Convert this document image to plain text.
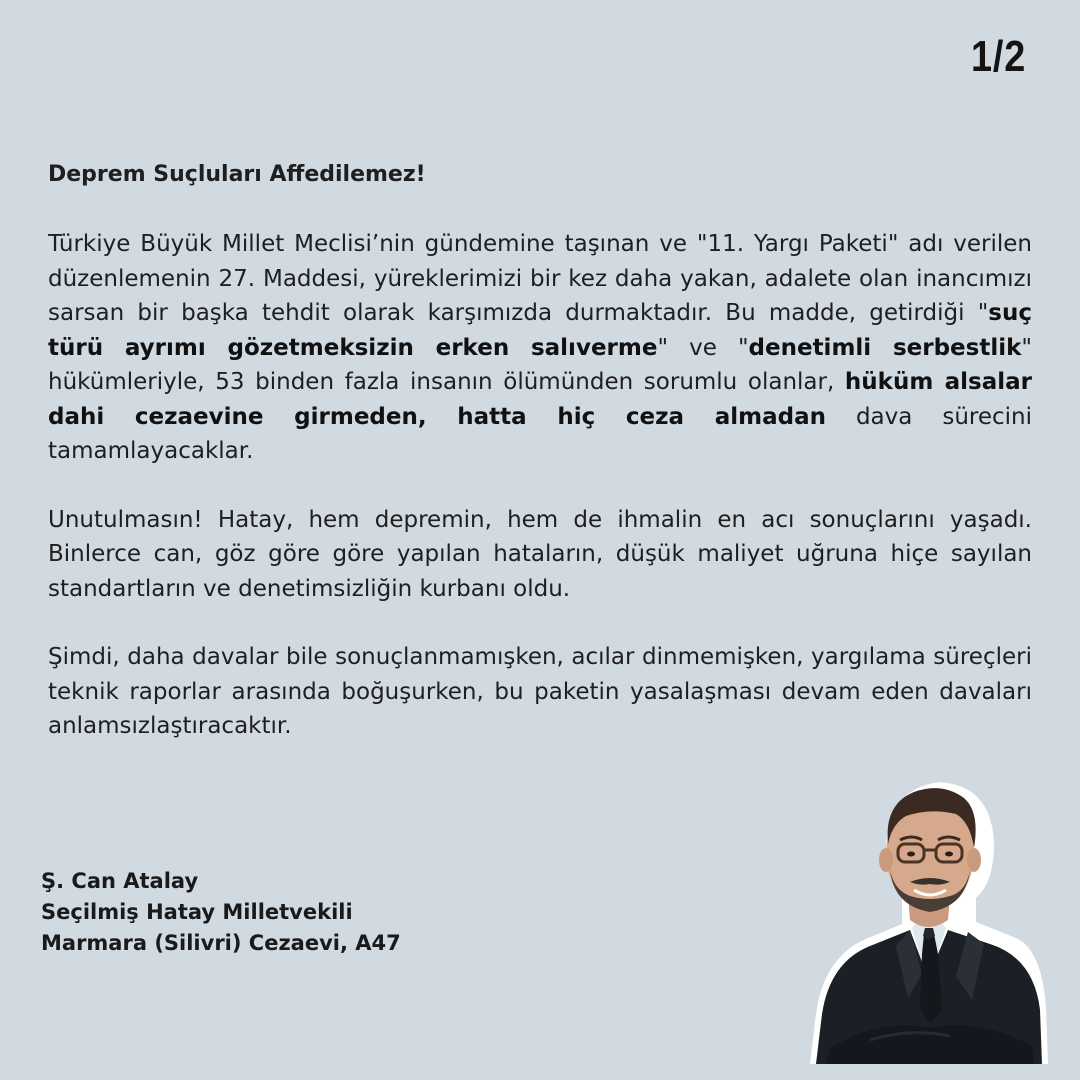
1/2
Deprem Suçluları Affedilemez!

Türkiye Büyük Millet Meclisi’nin gündemine taşınan ve "11. Yargı Paketi" adı verilen düzenlemenin 27. Maddesi, yüreklerimizi bir kez daha yakan, adalete olan inancımızı sarsan bir başka tehdit olarak karşımızda durmaktadır. Bu madde, getirdiği "suç türü ayrımı gözetmeksizin erken salıverme" ve "denetimli serbestlik" hükümleriyle, 53 binden fazla insanın ölümünden sorumlu olanlar, hüküm alsalar dahi cezaevine girmeden, hatta hiç ceza almadan dava sürecini tamamlayacaklar.

Unutulmasın! Hatay, hem depremin, hem de ihmalin en acı sonuçlarını yaşadı. Binlerce can, göz göre göre yapılan hataların, düşük maliyet uğruna hiçe sayılan standartların ve denetimsizliğin kurbanı oldu.

Şimdi, daha davalar bile sonuçlanmamışken, acılar dinmemişken, yargılama süreçleri teknik raporlar arasında boğuşurken, bu paketin yasalaşması devam eden davaları anlamsızlaştıracaktır.

Ş. Can Atalay
Seçilmiş Hatay Milletvekili
Marmara (Silivri) Cezaevi, A47
